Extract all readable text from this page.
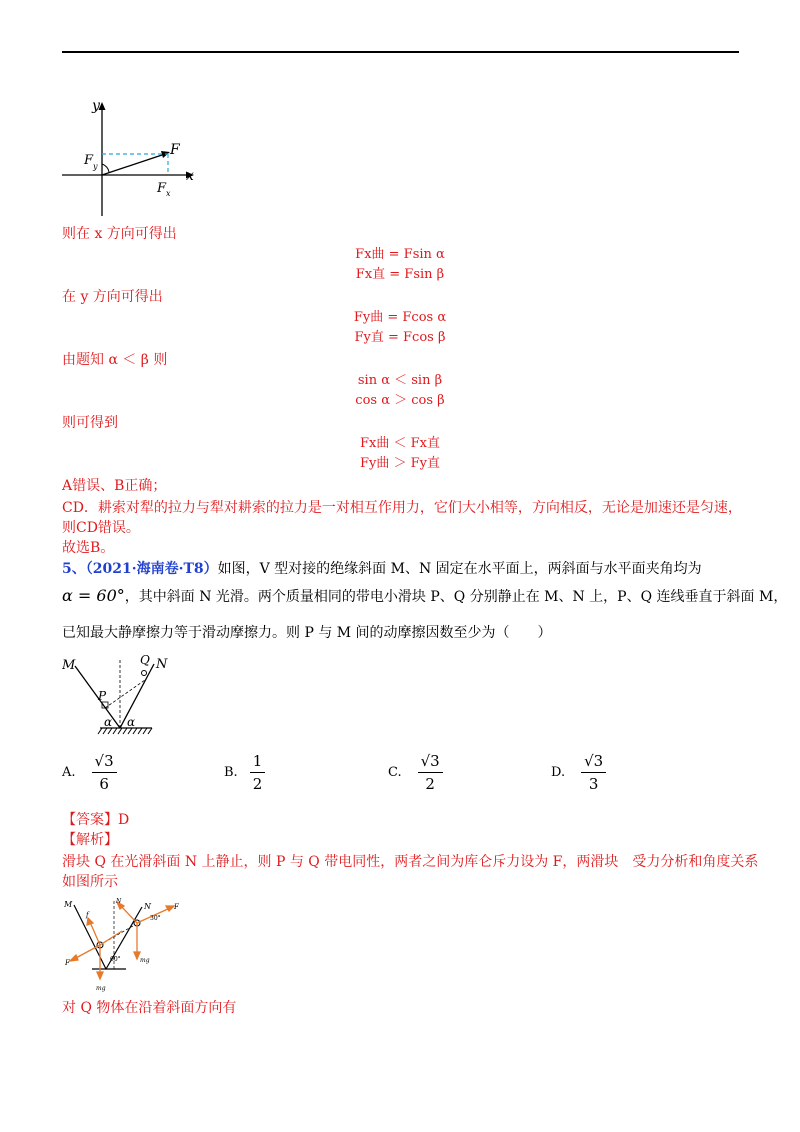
y
x
F
F y
F x
则在 x 方向可得出
Fx曲 = Fsin α
Fx直 = Fsin β
在 y 方向可得出
Fy曲 = Fcos α
Fy直 = Fcos β
由题知 α ＜ β 则
sin α ＜ sin β
cos α ＞ cos β
则可得到
Fx曲 ＜ Fx直
Fy曲 ＞ Fy直
A错误、B正确；
CD．耕索对犁的拉力与犁对耕索的拉力是一对相互作用力，它们大小相等，方向相反，无论是加速还是匀速，
则CD错误。
故选B。
5、（2021·海南卷·T8）如图，V 型对接的绝缘斜面 M、N 固定在水平面上，两斜面与水平面夹角均为
α = 60°，其中斜面 N 光滑。两个质量相同的带电小滑块 P、Q 分别静止在 M、N 上，P、Q 连线垂直于斜面 M，
已知最大静摩擦力等于滑动摩擦力。则 P 与 M 间的动摩擦因数至少为（　　）
M	N
P
Q
α α
A. $\frac{√3}{6}$	B. $\frac{1}{2}$	C. $\frac{√3}{2}$	D. $\frac{√3}{3}$
【答案】D
【解析】
滑块 Q 在光滑斜面 N 上静止，则 P 与 Q 带电同性，两者之间为库仑斥力设为 F，两滑块　受力分析和角度关系
如图所示
M	N
f
F
F
mg
mg
N
30°
60°
对 Q 物体在沿着斜面方向有
